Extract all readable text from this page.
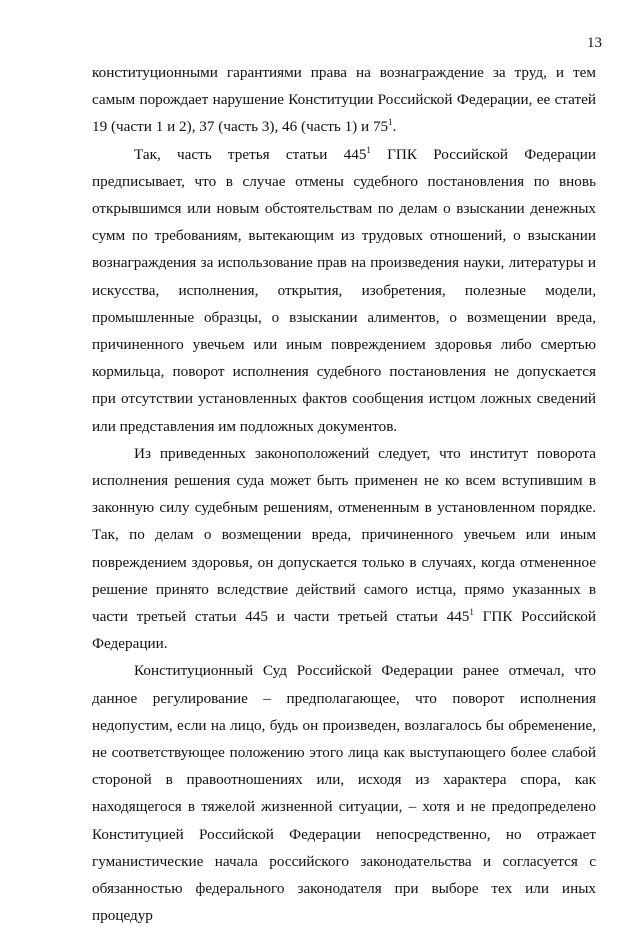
13

конституционными гарантиями права на вознаграждение за труд, и тем самым порождает нарушение Конституции Российской Федерации, ее статей 19 (части 1 и 2), 37 (часть 3), 46 (часть 1) и $75^1$.

Так, часть третья статьи $445^1$ ГПК Российской Федерации предписывает, что в случае отмены судебного постановления по вновь открывшимся или новым обстоятельствам по делам о взыскании денежных сумм по требованиям, вытекающим из трудовых отношений, о взыскании вознаграждения за использование прав на произведения науки, литературы и искусства, исполнения, открытия, изобретения, полезные модели, промышленные образцы, о взыскании алиментов, о возмещении вреда, причиненного увечьем или иным повреждением здоровья либо смертью кормильца, поворот исполнения судебного постановления не допускается при отсутствии установленных фактов сообщения истцом ложных сведений или представления им подложных документов.

Из приведенных законоположений следует, что институт поворота исполнения решения суда может быть применен не ко всем вступившим в законную силу судебным решениям, отмененным в установленном порядке. Так, по делам о возмещении вреда, причиненного увечьем или иным повреждением здоровья, он допускается только в случаях, когда отмененное решение принято вследствие действий самого истца, прямо указанных в части третьей статьи 445 и части третьей статьи $445^1$ ГПК Российской Федерации.

Конституционный Суд Российской Федерации ранее отмечал, что данное регулирование – предполагающее, что поворот исполнения недопустим, если на лицо, будь он произведен, возлагалось бы обременение, не соответствующее положению этого лица как выступающего более слабой стороной в правоотношениях или, исходя из характера спора, как находящегося в тяжелой жизненной ситуации, – хотя и не предопределено Конституцией Российской Федерации непосредственно, но отражает гуманистические начала российского законодательства и согласуется с обязанностью федерального законодателя при выборе тех или иных процедур
